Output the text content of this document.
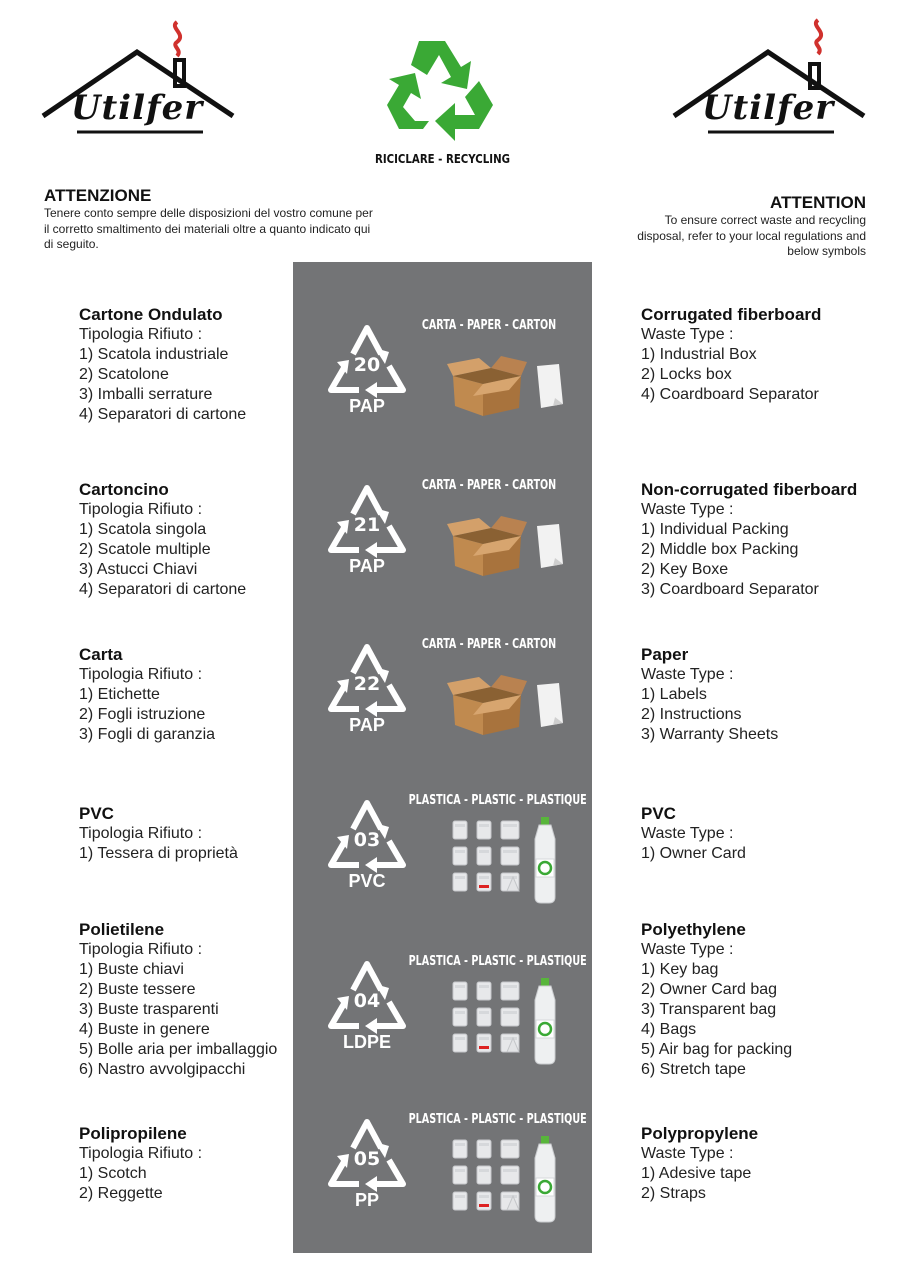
Utilfer	Utilfer
RICICLARE - RECYCLING
ATTENZIONE
Tenere conto sempre delle disposizioni del vostro comune per il corretto smaltimento dei materiali oltre a quanto indicato qui di seguito.
ATTENTION
To ensure correct waste and recycling disposal, refer to your local regulations and below symbols
20
PAP
CARTA - PAPER - CARTON
21
PAP
CARTA - PAPER - CARTON
22
PAP
CARTA - PAPER - CARTON
03
PVC
PLASTICA - PLASTIC - PLASTIQUE
04
LDPE
PLASTICA - PLASTIC - PLASTIQUE
05
PP
PLASTICA - PLASTIC - PLASTIQUE
Cartone Ondulato
Tipologia Rifiuto :
1) Scatola industriale
2) Scatolone
3) Imballi serrature
4) Separatori di cartone
Cartoncino
Tipologia Rifiuto :
1) Scatola singola
2) Scatole multiple
3) Astucci Chiavi
4) Separatori di cartone
Carta
Tipologia Rifiuto :
1) Etichette
2) Fogli istruzione
3) Fogli di garanzia
PVC
Tipologia Rifiuto :
1) Tessera di proprietà
Polietilene
Tipologia Rifiuto :
1) Buste chiavi
2) Buste tessere
3) Buste trasparenti
4) Buste in genere
5) Bolle aria per imballaggio
6) Nastro avvolgipacchi
Polipropilene
Tipologia Rifiuto :
1) Scotch
2) Reggette
Corrugated fiberboard
Waste Type :
1) Industrial Box
2) Locks box
4) Coardboard Separator
Non-corrugated fiberboard
Waste Type :
1) Individual Packing
2) Middle box Packing
2) Key Boxe
3) Coardboard Separator
Paper
Waste Type :
1) Labels
2) Instructions
3) Warranty Sheets
PVC
Waste Type :
1) Owner Card
Polyethylene
Waste Type :
1) Key bag
2) Owner Card bag
3) Transparent bag
4) Bags
5) Air bag for packing
6) Stretch tape
Polypropylene
Waste Type :
1) Adesive tape
2) Straps
